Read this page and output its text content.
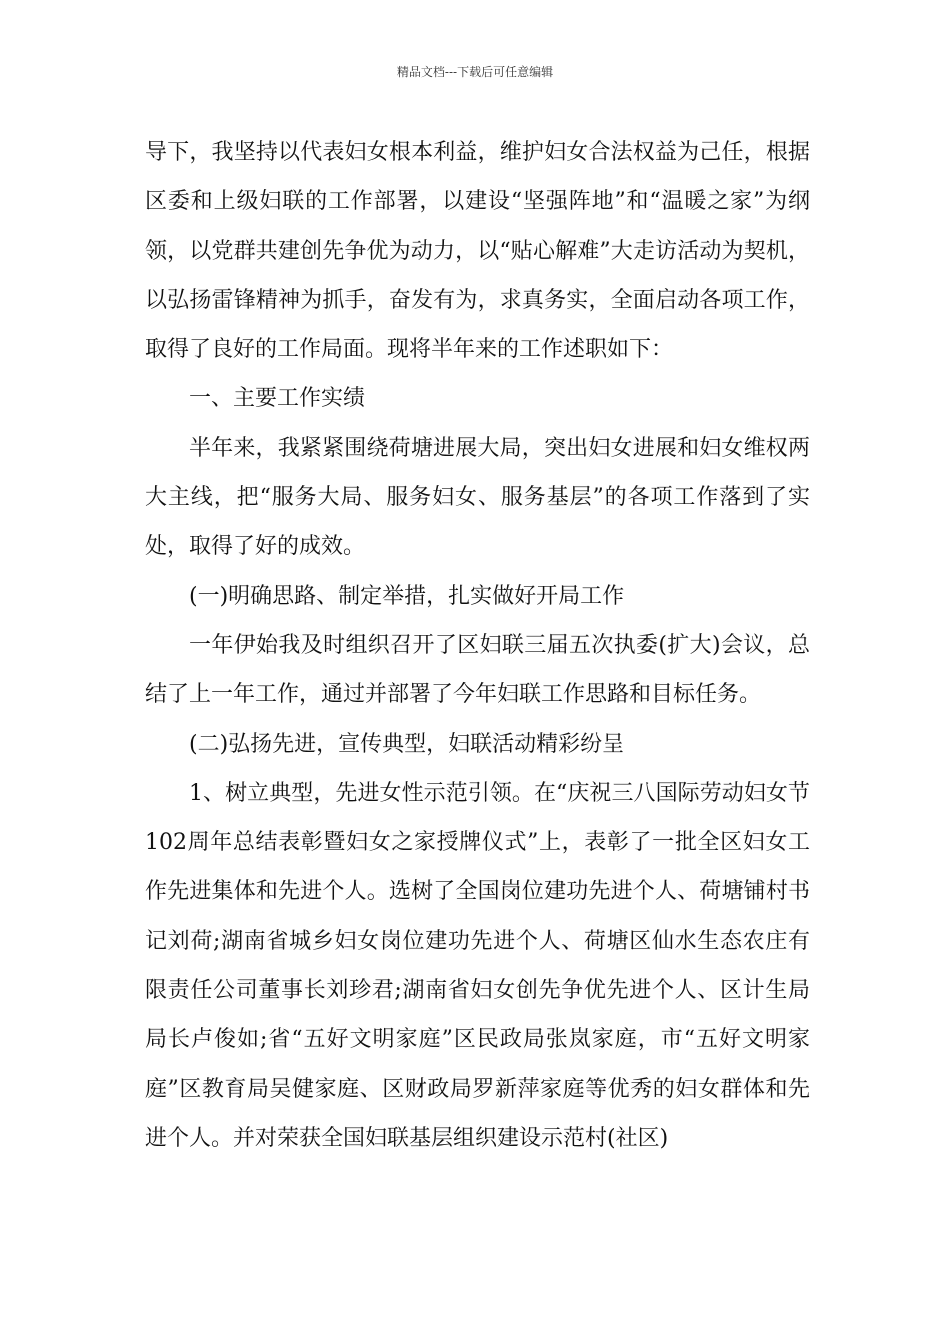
精品文档---下载后可任意编辑

导下，我坚持以代表妇女根本利益，维护妇女合法权益为己任，根据区委和上级妇联的工作部署，以建设“坚强阵地”和“温暖之家”为纲领，以党群共建创先争优为动力，以“贴心解难”大走访活动为契机，以弘扬雷锋精神为抓手，奋发有为，求真务实，全面启动各项工作，取得了良好的工作局面。现将半年来的工作述职如下：

一、主要工作实绩

半年来，我紧紧围绕荷塘进展大局，突出妇女进展和妇女维权两大主线，把“服务大局、服务妇女、服务基层”的各项工作落到了实处，取得了好的成效。

(一)明确思路、制定举措，扎实做好开局工作

一年伊始我及时组织召开了区妇联三届五次执委(扩大)会议，总结了上一年工作，通过并部署了今年妇联工作思路和目标任务。

(二)弘扬先进，宣传典型，妇联活动精彩纷呈

1、树立典型，先进女性示范引领。在“庆祝三八国际劳动妇女节102周年总结表彰暨妇女之家授牌仪式”上，表彰了一批全区妇女工作先进集体和先进个人。选树了全国岗位建功先进个人、荷塘铺村书记刘荷;湖南省城乡妇女岗位建功先进个人、荷塘区仙水生态农庄有限责任公司董事长刘珍君;湖南省妇女创先争优先进个人、区计生局局长卢俊如;省“五好文明家庭”区民政局张岚家庭，市“五好文明家庭”区教育局吴健家庭、区财政局罗新萍家庭等优秀的妇女群体和先进个人。并对荣获全国妇联基层组织建设示范村(社区)
